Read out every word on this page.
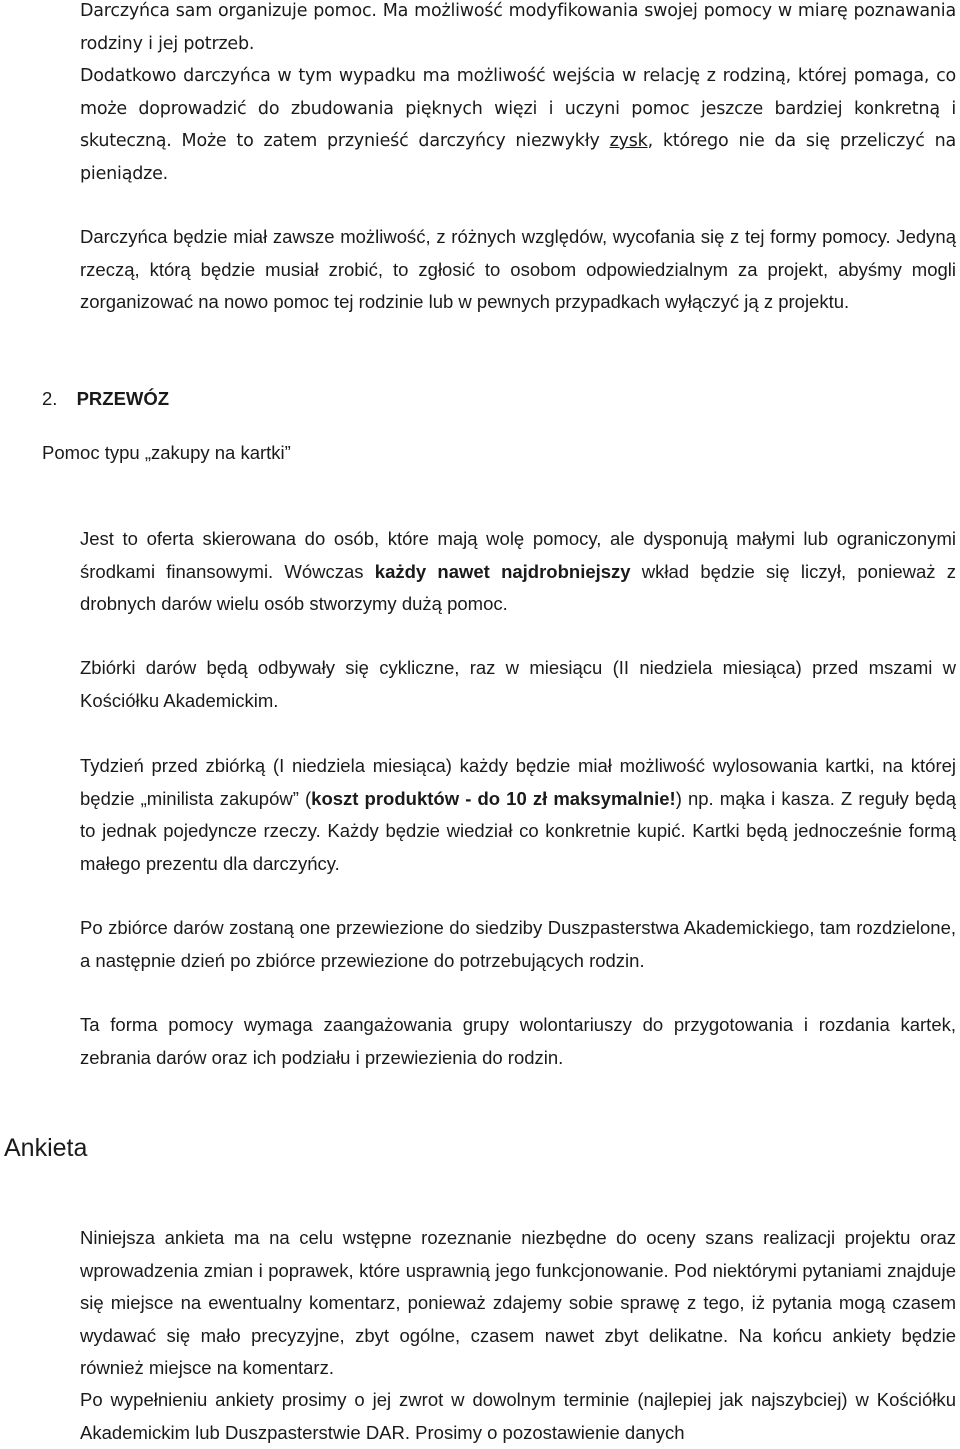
Darczyńca sam organizuje pomoc. Ma możliwość modyfikowania swojej pomocy w miarę poznawania rodziny i jej potrzeb.
Dodatkowo darczyńca w tym wypadku ma możliwość wejścia w relację z rodziną, której pomaga, co może doprowadzić do zbudowania pięknych więzi i uczyni pomoc jeszcze bardziej konkretną i skuteczną. Może to zatem przynieść darczyńcy niezwykły zysk, którego nie da się przeliczyć na pieniądze.

Darczyńca będzie miał zawsze możliwość, z różnych względów, wycofania się z tej formy pomocy. Jedyną rzeczą, którą będzie musiał zrobić, to zgłosić to osobom odpowiedzialnym za projekt, abyśmy mogli zorganizować na nowo pomoc tej rodzinie lub w pewnych przypadkach wyłączyć ją z projektu.

2. PRZEWÓZ

Pomoc typu „zakupy na kartki”

Jest to oferta skierowana do osób, które mają wolę pomocy, ale dysponują małymi lub ograniczonymi środkami finansowymi. Wówczas każdy nawet najdrobniejszy wkład będzie się liczył, ponieważ z drobnych darów wielu osób stworzymy dużą pomoc.

Zbiórki darów będą odbywały się cykliczne, raz w miesiącu (II niedziela miesiąca) przed mszami w Kościółku Akademickim.

Tydzień przed zbiórką (I niedziela miesiąca) każdy będzie miał możliwość wylosowania kartki, na której będzie „minilista zakupów” (koszt produktów - do 10 zł maksymalnie!) np. mąka i kasza. Z reguły będą to jednak pojedyncze rzeczy. Każdy będzie wiedział co konkretnie kupić. Kartki będą jednocześnie formą małego prezentu dla darczyńcy.

Po zbiórce darów zostaną one przewiezione do siedziby Duszpasterstwa Akademickiego, tam rozdzielone, a następnie dzień po zbiórce przewiezione do potrzebujących rodzin.

Ta forma pomocy wymaga zaangażowania grupy wolontariuszy do przygotowania i rozdania kartek, zebrania darów oraz ich podziału i przewiezienia do rodzin.

Ankieta

Niniejsza ankieta ma na celu wstępne rozeznanie niezbędne do oceny szans realizacji projektu oraz wprowadzenia zmian i poprawek, które usprawnią jego funkcjonowanie. Pod niektórymi pytaniami znajduje się miejsce na ewentualny komentarz, ponieważ zdajemy sobie sprawę z tego, iż pytania mogą czasem wydawać się mało precyzyjne, zbyt ogólne, czasem nawet zbyt delikatne. Na końcu ankiety będzie również miejsce na komentarz.

Po wypełnieniu ankiety prosimy o jej zwrot w dowolnym terminie (najlepiej jak najszybciej) w Kościółku Akademickim lub Duszpasterstwie DAR. Prosimy o pozostawienie danych
